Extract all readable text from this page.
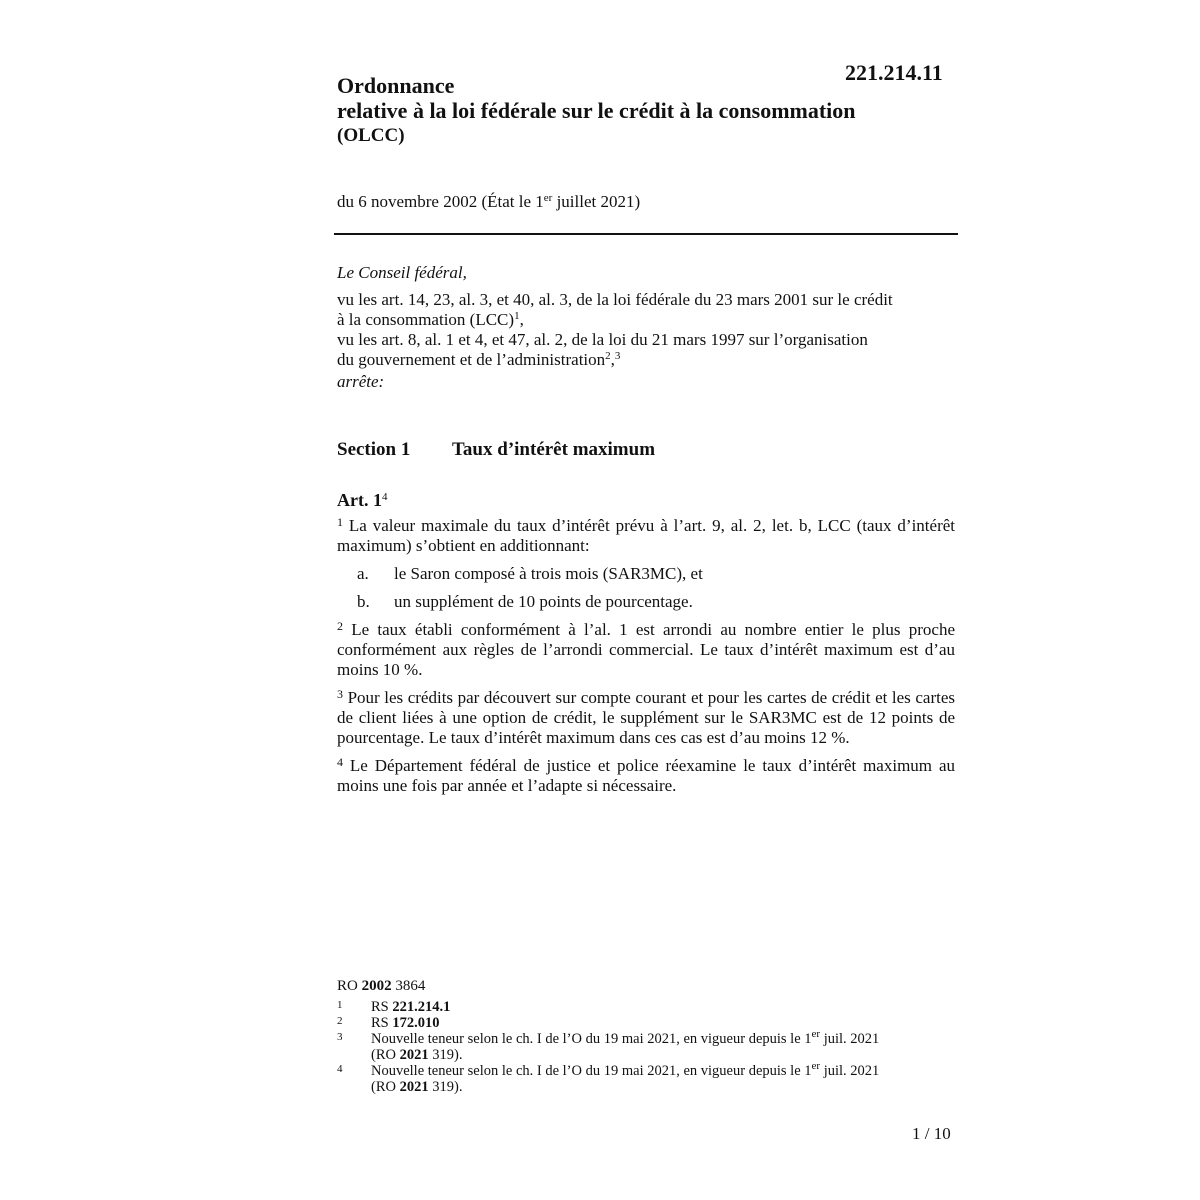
221.214.11
Ordonnance
relative à la loi fédérale sur le crédit à la consommation
(OLCC)
du 6 novembre 2002 (État le 1er juillet 2021)

Le Conseil fédéral,

vu les art. 14, 23, al. 3, et 40, al. 3, de la loi fédérale du 23 mars 2001 sur le crédit
à la consommation (LCC)$^1$,

vu les art. 8, al. 1 et 4, et 47, al. 2, de la loi du 21 mars 1997 sur l’organisation
du gouvernement et de l’administration$^2$,$^3$

arrête:

Section 1 Taux d’intérêt maximum
Art. $1^4$

$^1$ La valeur maximale du taux d’intérêt prévu à l’art. 9, al. 2, let. b, LCC (taux d’intérêt maximum) s’obtient en additionnant:

a.	le Saron composé à trois mois (SAR3MC), et
b.	un supplément de 10 points de pourcentage.

$^2$ Le taux établi conformément à l’al. 1 est arrondi au nombre entier le plus proche conformément aux règles de l’arrondi commercial. Le taux d’intérêt maximum est d’au moins 10 %.

$^3$ Pour les crédits par découvert sur compte courant et pour les cartes de crédit et les cartes de client liées à une option de crédit, le supplément sur le SAR3MC est de 12 points de pourcentage. Le taux d’intérêt maximum dans ces cas est d’au moins 12 %.

$^4$ Le Département fédéral de justice et police réexamine le taux d’intérêt maximum au moins une fois par année et l’adapte si nécessaire.

RO 2002 3864
1	RS 221.214.1
2	RS 172.010
3	Nouvelle teneur selon le ch. I de l’O du 19 mai 2021, en vigueur depuis le 1er juil. 2021
(RO 2021 319).
4	Nouvelle teneur selon le ch. I de l’O du 19 mai 2021, en vigueur depuis le 1er juil. 2021
(RO 2021 319).
1 / 10
